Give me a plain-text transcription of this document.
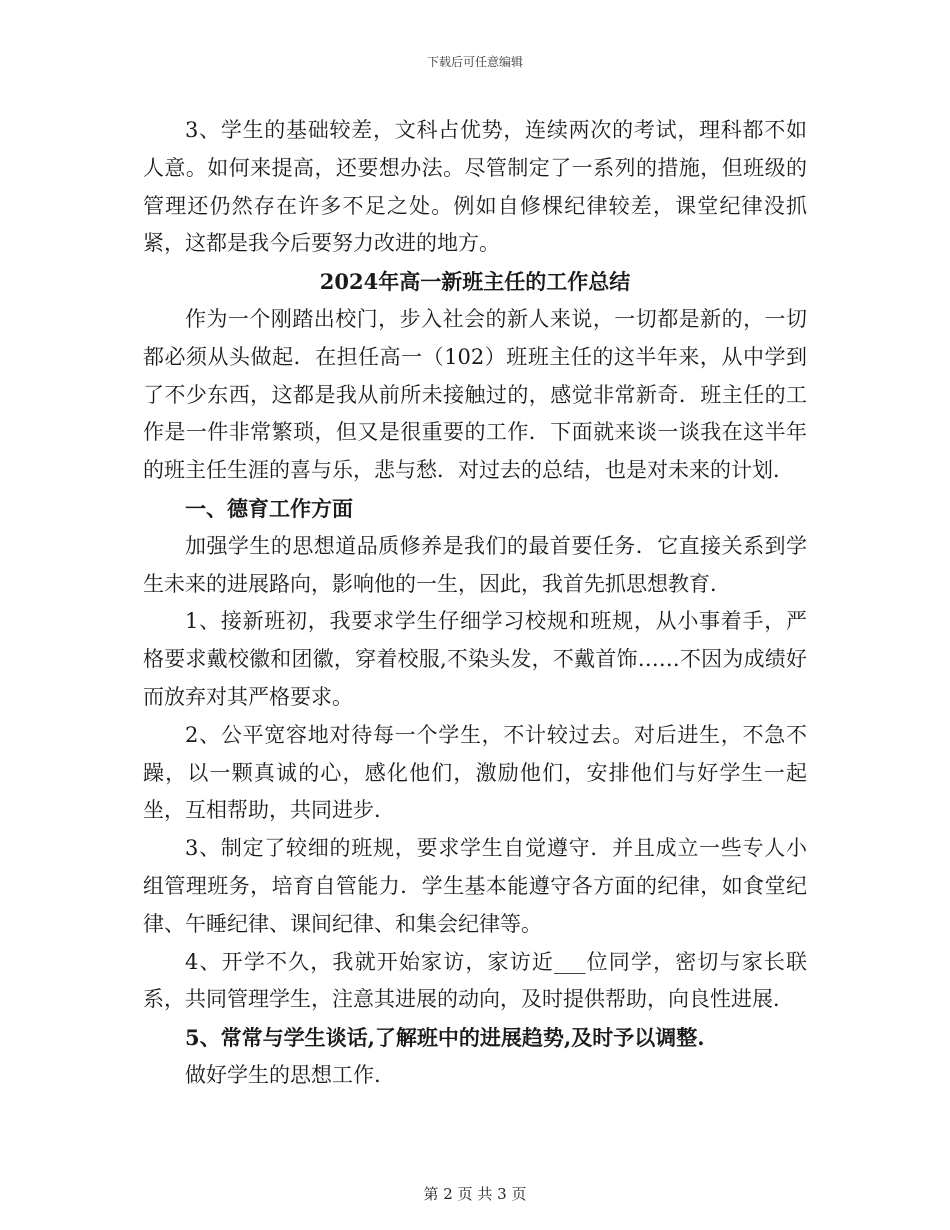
下载后可任意编辑

3、学生的基础较差，文科占优势，连续两次的考试，理科都不如人意。如何来提高，还要想办法。尽管制定了一系列的措施，但班级的管理还仍然存在许多不足之处。例如自修棵纪律较差，课堂纪律没抓紧，这都是我今后要努力改进的地方。

2024年高一新班主任的工作总结

作为一个刚踏出校门，步入社会的新人来说，一切都是新的，一切都必须从头做起．在担任高一（102）班班主任的这半年来，从中学到了不少东西，这都是我从前所未接触过的，感觉非常新奇．班主任的工作是一件非常繁琐，但又是很重要的工作．下面就来谈一谈我在这半年的班主任生涯的喜与乐，悲与愁．对过去的总结，也是对未来的计划．

一、德育工作方面

加强学生的思想道品质修养是我们的最首要任务．它直接关系到学生未来的进展路向，影响他的一生，因此，我首先抓思想教育．

1、接新班初，我要求学生仔细学习校规和班规，从小事着手，严格要求戴校徽和团徽，穿着校服,不染头发，不戴首饰……不因为成绩好而放弃对其严格要求。

2、公平宽容地对待每一个学生，不计较过去。对后进生，不急不躁，以一颗真诚的心，感化他们，激励他们，安排他们与好学生一起坐，互相帮助，共同进步．

3、制定了较细的班规，要求学生自觉遵守．并且成立一些专人小组管理班务，培育自管能力．学生基本能遵守各方面的纪律，如食堂纪律、午睡纪律、课间纪律、和集会纪律等。

4、开学不久，我就开始家访，家访近___位同学，密切与家长联系，共同管理学生，注意其进展的动向，及时提供帮助，向良性进展．

5、常常与学生谈话,了解班中的进展趋势,及时予以调整.

做好学生的思想工作.

第 2 页 共 3 页
